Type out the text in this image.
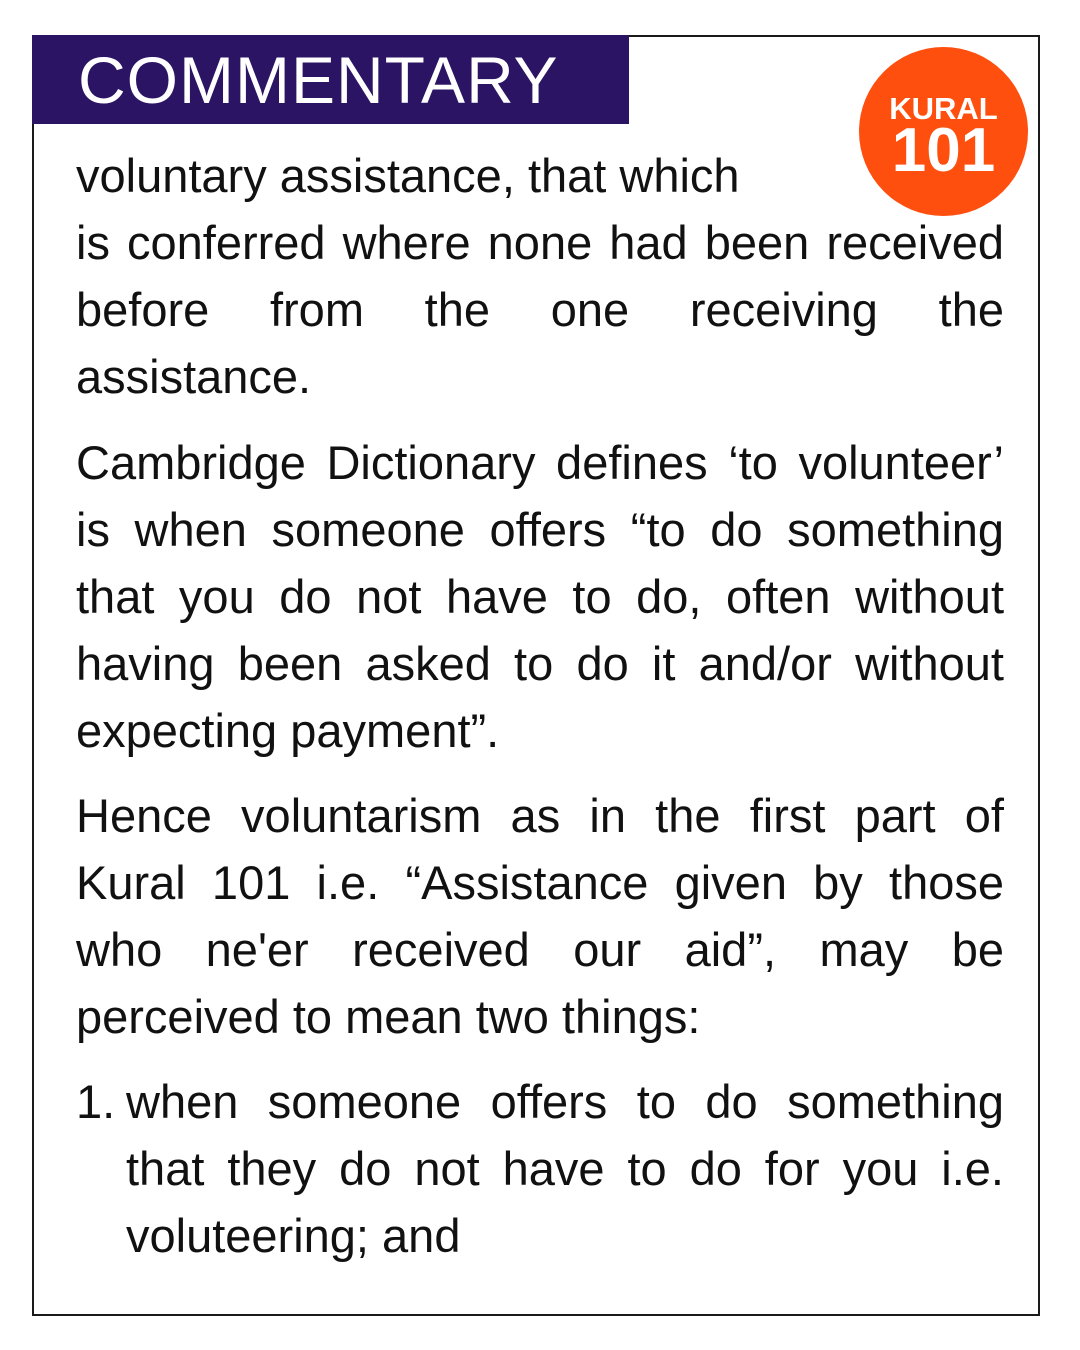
COMMENTARY	KURAL
101

voluntary assistance, that which
is conferred where none had been received before from the one receiving the assistance.

Cambridge Dictionary defines ‘to volunteer’ is when someone offers “to do something that you do not have to do, often without having been asked to do it and/or without expecting payment”.

Hence voluntarism as in the first part of Kural 101 i.e. “Assistance given by those who ne'er received our aid”, may be perceived to mean two things:

1. when someone offers to do something that they do not have to do for you i.e. voluteering; and
